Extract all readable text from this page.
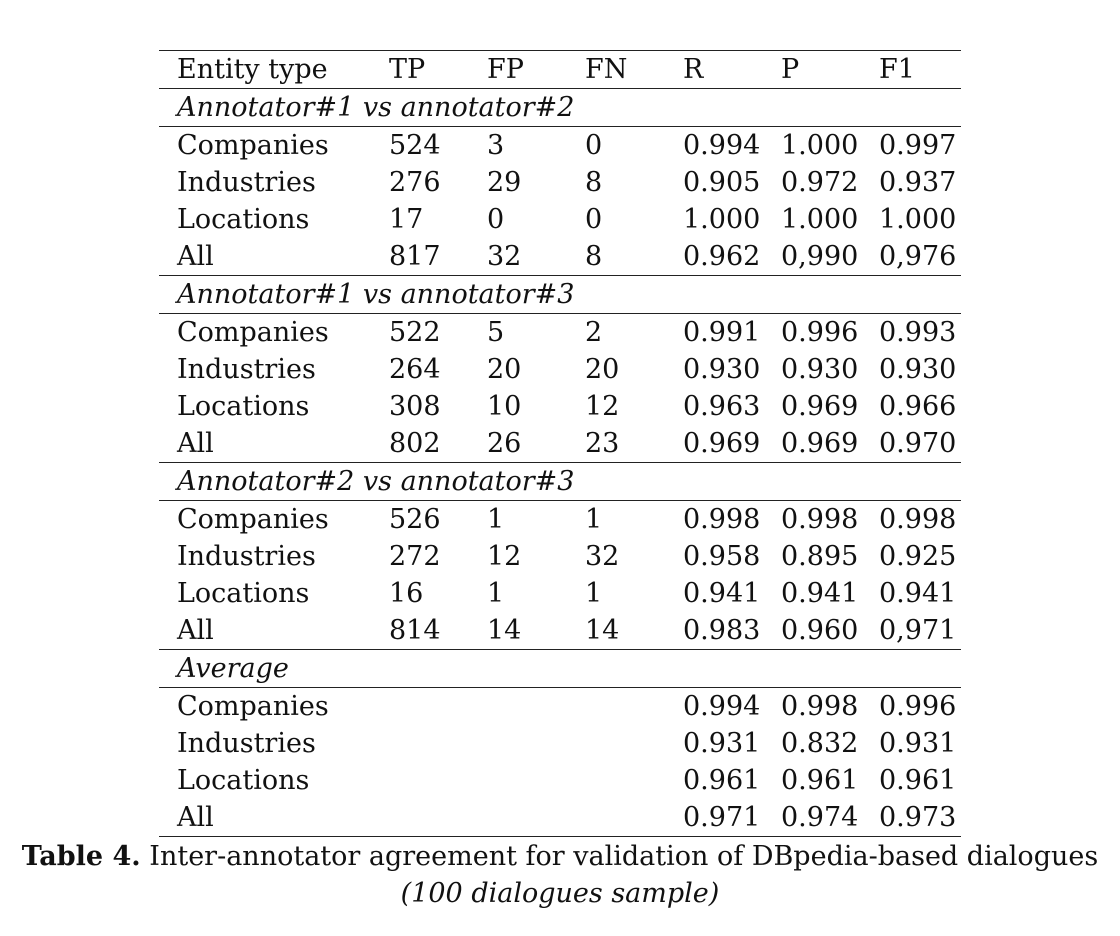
Entity type	TP	FP	FN	R	P	F1
Annotator#1 vs annotator#2						
Companies	524	3	0	0.994	1.000	0.997
Industries	276	29	8	0.905	0.972	0.937
Locations	17	0	0	1.000	1.000	1.000
All	817	32	8	0.962	0,990	0,976
Annotator#1 vs annotator#3						
Companies	522	5	2	0.991	0.996	0.993
Industries	264	20	20	0.930	0.930	0.930
Locations	308	10	12	0.963	0.969	0.966
All	802	26	23	0.969	0.969	0.970
Annotator#2 vs annotator#3						
Companies	526	1	1	0.998	0.998	0.998
Industries	272	12	32	0.958	0.895	0.925
Locations	16	1	1	0.941	0.941	0.941
All	814	14	14	0.983	0.960	0,971
Average						
Companies				0.994	0.998	0.996
Industries				0.931	0.832	0.931
Locations				0.961	0.961	0.961
All				0.971	0.974	0.973
Table 4. Inter-annotator agreement for validation of DBpedia-based dialogues
(100 dialogues sample)
